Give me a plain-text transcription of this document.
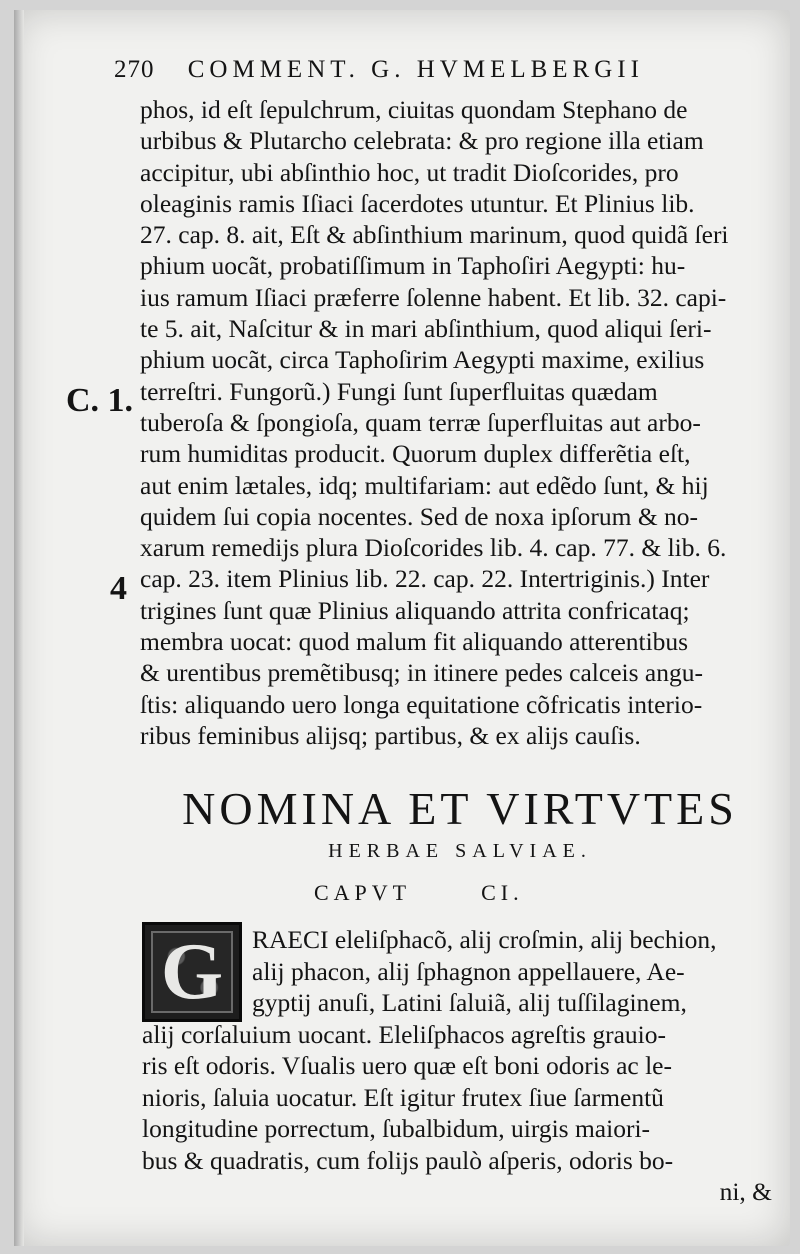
270 COMMENT. G. HVMELBERGII
C. 1.
4
phos, id eſt ſepulchrum, ciuitas quondam Stephano de
urbibus & Plutarcho celebrata: & pro regione illa etiam
accipitur, ubi abſinthio hoc, ut tradit Dioſcorides, pro
oleaginis ramis Iſiaci ſacerdotes utuntur. Et Plinius lib.
27. cap. 8. ait, Eſt & abſinthium marinum, quod quidã ſeri
phium uocãt, probatiſſimum in Taphoſiri Aegypti: hu-
ius ramum Iſiaci præferre ſolenne habent. Et lib. 32. capi-
te 5. ait, Naſcitur & in mari abſinthium, quod aliqui ſeri-
phium uocãt, circa Taphoſirim Aegypti maxime, exilius
terreſtri. Fungorũ.) Fungi ſunt ſuperfluitas quædam
tuberoſa & ſpongioſa, quam terræ ſuperfluitas aut arbo-
rum humiditas producit. Quorum duplex differẽtia eſt,
aut enim lætales, idq; multifariam: aut edẽdo ſunt, & hij
quidem ſui copia nocentes. Sed de noxa ipſorum & no-
xarum remedijs plura Dioſcorides lib. 4. cap. 77. & lib. 6.
cap. 23. item Plinius lib. 22. cap. 22. Intertriginis.) Inter
trigines ſunt quæ Plinius aliquando attrita confricataq;
membra uocat: quod malum fit aliquando atterentibus
& urentibus premẽtibusq; in itinere pedes calceis angu-
ſtis: aliquando uero longa equitatione cõfricatis interio-
ribus feminibus alijsq; partibus, & ex alijs cauſis.
NOMINA ET VIRTVTES
HERBAE SALVIAE.
CAPVT	CI.
G	RAECI eleliſphacõ, alij croſmin, alij bechion,
alij phacon, alij ſphagnon appellauere, Ae-
gyptij anuſi, Latini ſaluiã, alij tuſſilaginem,
alij corſaluium uocant. Eleliſphacos agreſtis grauio-
ris eſt odoris. Vſualis uero quæ eſt boni odoris ac le-
nioris, ſaluia uocatur. Eſt igitur frutex ſiue ſarmentũ
longitudine porrectum, ſubalbidum, uirgis maiori-
bus & quadratis, cum folijs paulò aſperis, odoris bo-
ni, &
